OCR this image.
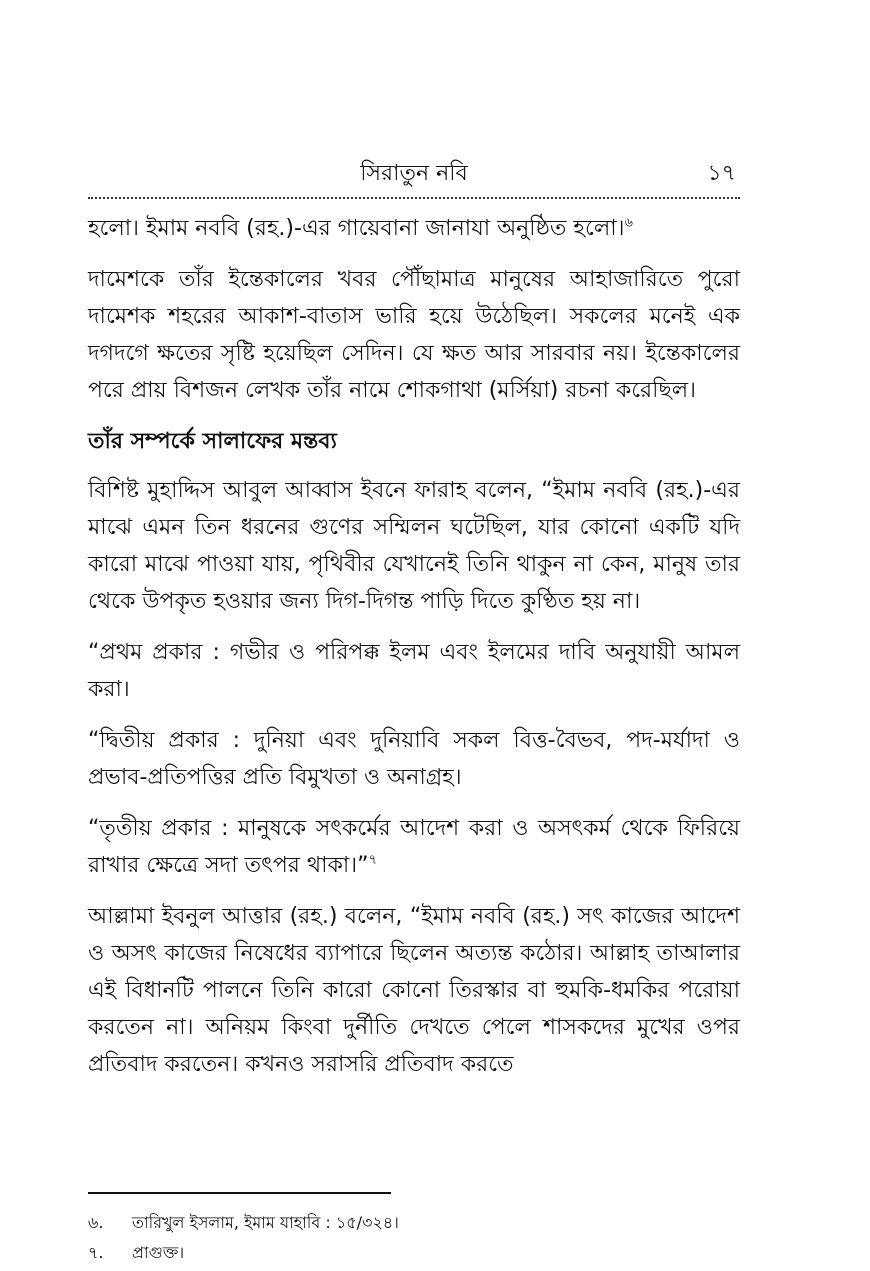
সিরাতুন নবি	১৭

হলো। ইমাম নববি (রহ.)-এর গায়েবানা জানাযা অনুষ্ঠিত হলো।$^৬$

দামেশকে তাঁর ইন্তেকালের খবর পৌঁছামাত্র মানুষের আহাজারিতে পুরো দামেশক শহরের আকাশ-বাতাস ভারি হয়ে উঠেছিল। সকলের মনেই এক দগদগে ক্ষতের সৃষ্টি হয়েছিল সেদিন। যে ক্ষত আর সারবার নয়। ইন্তেকালের পরে প্রায় বিশজন লেখক তাঁর নামে শোকগাথা (মর্সিয়া) রচনা করেছিল।

তাঁর সম্পর্কে সালাফের মন্তব্য

বিশিষ্ট মুহাদ্দিস আবুল আব্বাস ইবনে ফারাহ বলেন, “ইমাম নববি (রহ.)-এর মাঝে এমন তিন ধরনের গুণের সম্মিলন ঘটেছিল, যার কোনো একটি যদি কারো মাঝে পাওয়া যায়, পৃথিবীর যেখানেই তিনি থাকুন না কেন, মানুষ তার থেকে উপকৃত হওয়ার জন্য দিগ-দিগন্ত পাড়ি দিতে কুণ্ঠিত হয় না।

“প্রথম প্রকার : গভীর ও পরিপক্ক ইলম এবং ইলমের দাবি অনুযায়ী আমল করা।

“দ্বিতীয় প্রকার : দুনিয়া এবং দুনিয়াবি সকল বিত্ত-বৈভব, পদ-মর্যাদা ও প্রভাব-প্রতিপত্তির প্রতি বিমুখতা ও অনাগ্রহ।

“তৃতীয় প্রকার : মানুষকে সৎকর্মের আদেশ করা ও অসৎকর্ম থেকে ফিরিয়ে রাখার ক্ষেত্রে সদা তৎপর থাকা।”$^৭$

আল্লামা ইবনুল আত্তার (রহ.) বলেন, “ইমাম নববি (রহ.) সৎ কাজের আদেশ ও অসৎ কাজের নিষেধের ব্যাপারে ছিলেন অত্যন্ত কঠোর। আল্লাহ তাআলার এই বিধানটি পালনে তিনি কারো কোনো তিরস্কার বা হুমকি-ধমকির পরোয়া করতেন না। অনিয়ম কিংবা দুর্নীতি দেখতে পেলে শাসকদের মুখের ওপর প্রতিবাদ করতেন। কখনও সরাসরি প্রতিবাদ করতে

৬.	তারিখুল ইসলাম, ইমাম যাহাবি : ১৫/৩২৪।
৭.	প্রাগুক্ত।
